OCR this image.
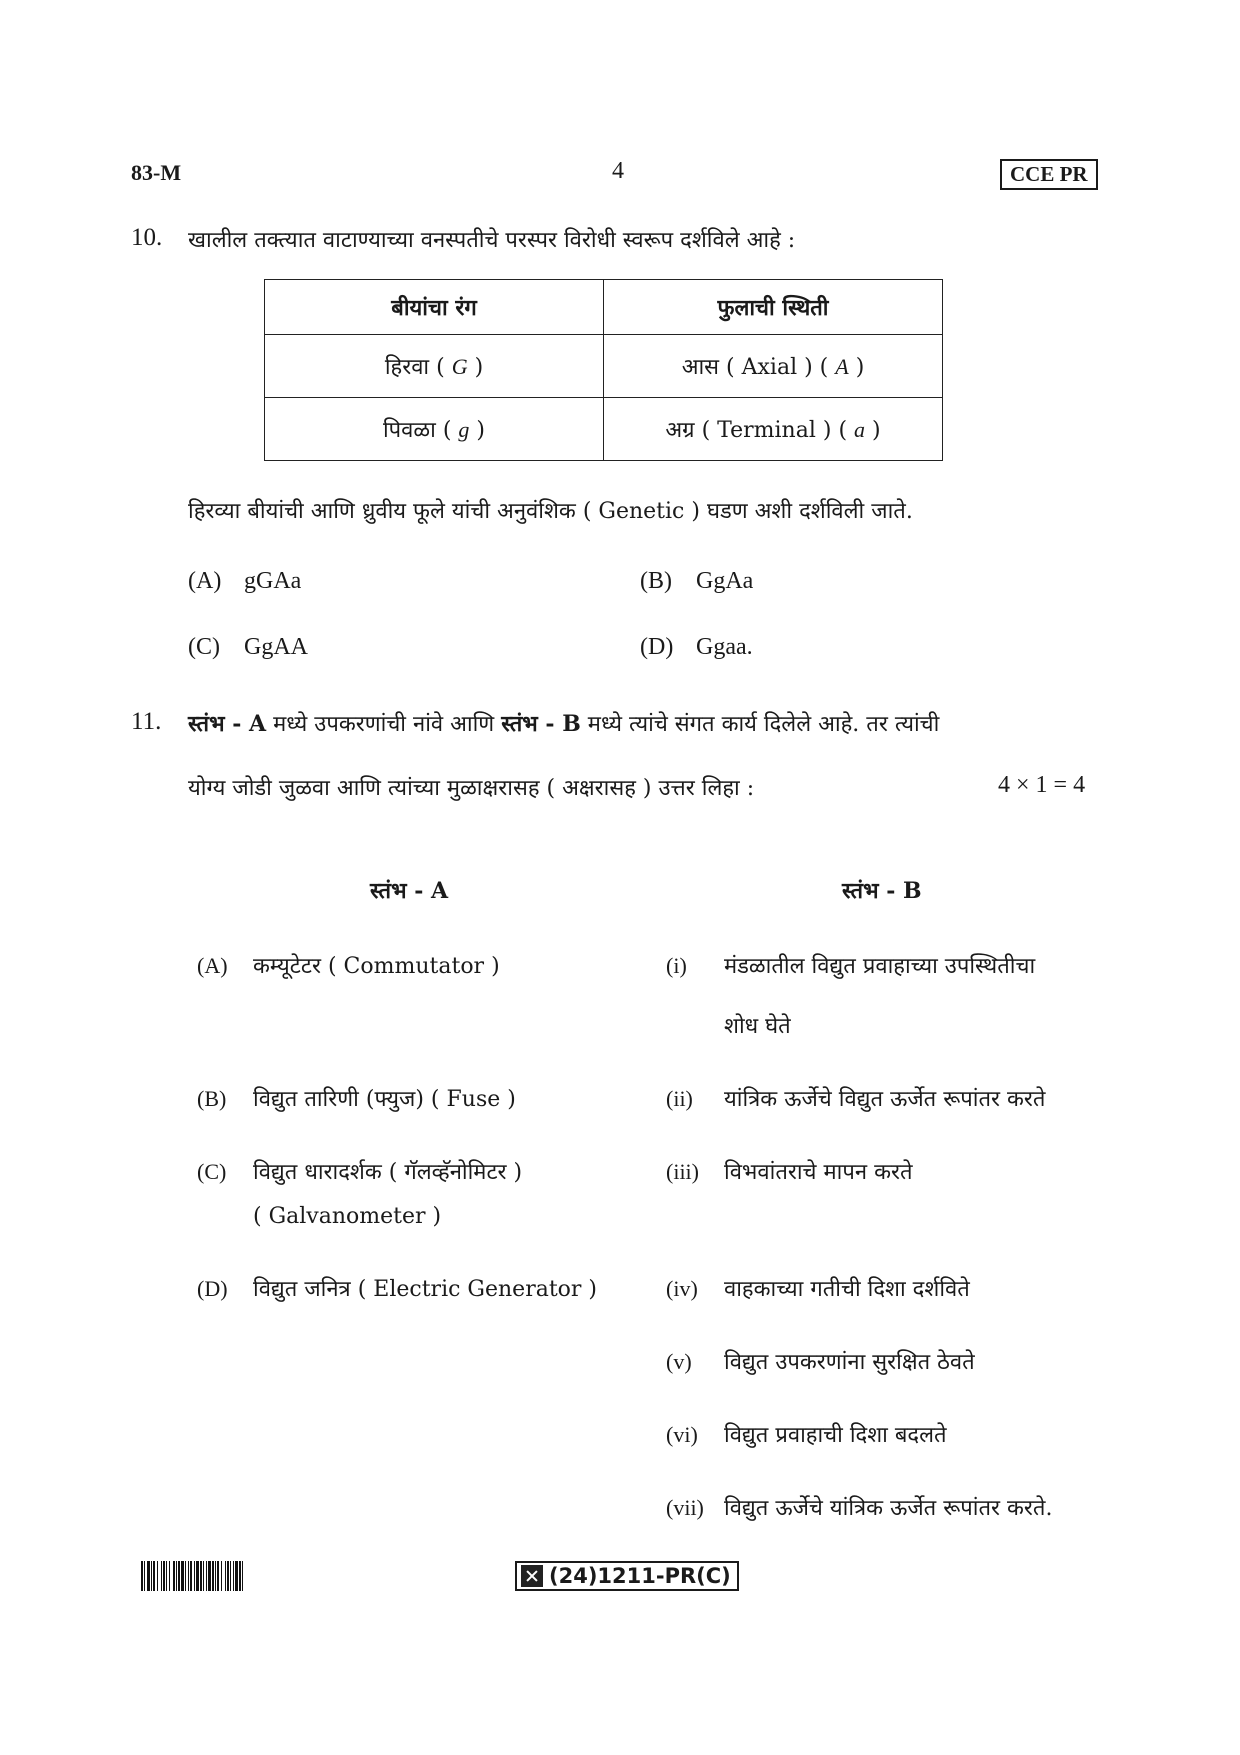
83-M	4	CCE PR
10. खालील तक्त्यात वाटाण्याच्या वनस्पतीचे परस्पर विरोधी स्वरूप दर्शविले आहे :
बीयांचा रंग	फुलाची स्थिती
हिरवा ( G )	आस ( Axial ) ( A )
पिवळा ( g )	अग्र ( Terminal ) ( a )
हिरव्या बीयांची आणि ध्रुवीय फूले यांची अनुवंशिक ( Genetic ) घडण अशी दर्शविली जाते.
(A) gGAa	(B) GgAa
(C) GgAA	(D) Ggaa.
11. स्तंभ - A मध्ये उपकरणांची नांवे आणि स्तंभ - B मध्ये त्यांचे संगत कार्य दिलेले आहे. तर त्यांची
योग्य जोडी जुळवा आणि त्यांच्या मुळाक्षरासह ( अक्षरासह ) उत्तर लिहा :	4 × 1 = 4
स्तंभ - A	स्तंभ - B
(A) कम्यूटेटर ( Commutator )
(B) विद्युत तारिणी (फ्युज) ( Fuse )
(C) विद्युत धारादर्शक ( गॅलव्हॅनोमिटर )
( Galvanometer )
(D) विद्युत जनित्र ( Electric Generator )
(i) मंडळातील विद्युत प्रवाहाच्या उपस्थितीचा
शोध घेते
(ii) यांत्रिक ऊर्जेचे विद्युत ऊर्जेत रूपांतर करते
(iii) विभवांतराचे मापन करते
(iv) वाहकाच्या गतीची दिशा दर्शविते
(v) विद्युत उपकरणांना सुरक्षित ठेवते
(vi) विद्युत प्रवाहाची दिशा बदलते
(vii) विद्युत ऊर्जेचे यांत्रिक ऊर्जेत रूपांतर करते.
(24)1211-PR(C)
